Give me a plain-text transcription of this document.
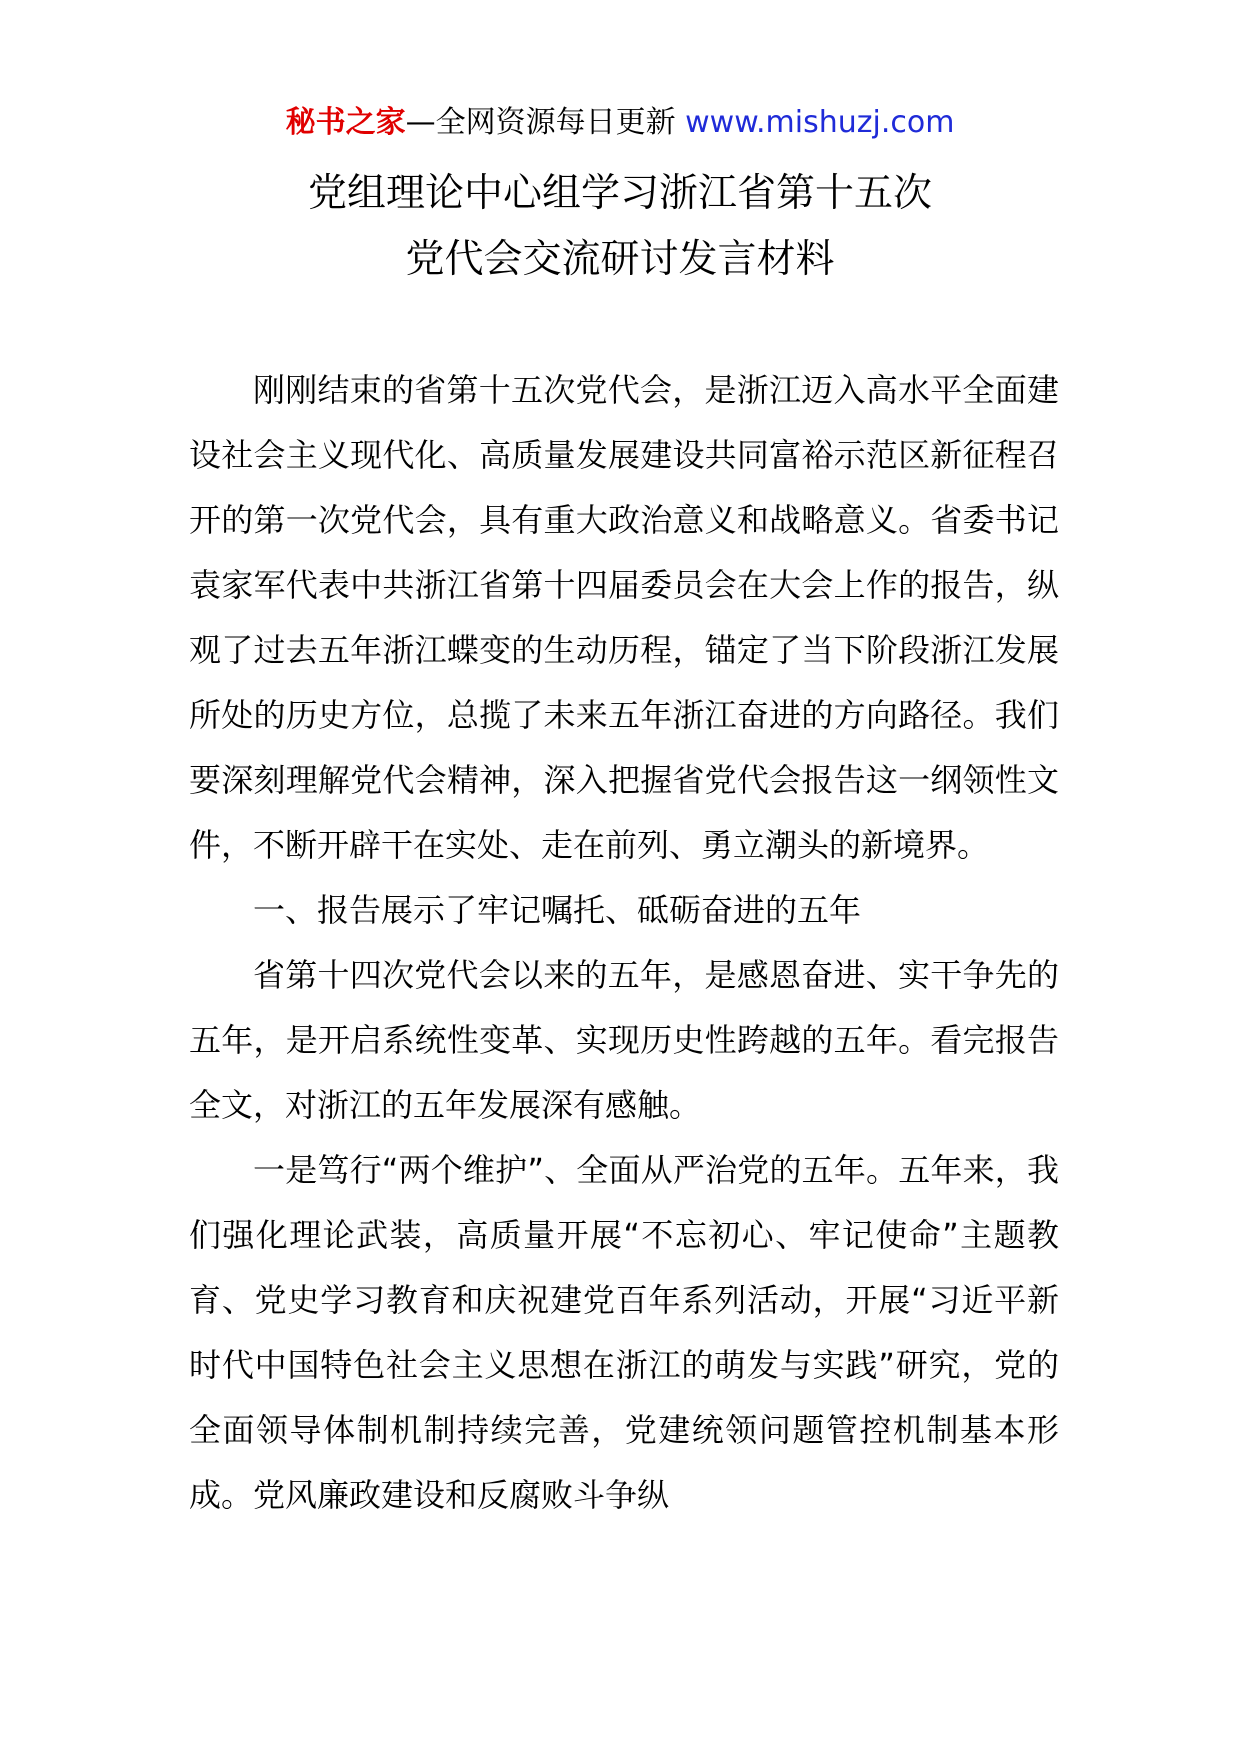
秘书之家—全网资源每日更新 www.mishuzj.com
党组理论中心组学习浙江省第十五次
党代会交流研讨发言材料

刚刚结束的省第十五次党代会，是浙江迈入高水平全面建设社会主义现代化、高质量发展建设共同富裕示范区新征程召开的第一次党代会，具有重大政治意义和战略意义。省委书记袁家军代表中共浙江省第十四届委员会在大会上作的报告，纵观了过去五年浙江蝶变的生动历程，锚定了当下阶段浙江发展所处的历史方位，总揽了未来五年浙江奋进的方向路径。我们要深刻理解党代会精神，深入把握省党代会报告这一纲领性文件，不断开辟干在实处、走在前列、勇立潮头的新境界。

一、报告展示了牢记嘱托、砥砺奋进的五年

省第十四次党代会以来的五年，是感恩奋进、实干争先的五年，是开启系统性变革、实现历史性跨越的五年。看完报告全文，对浙江的五年发展深有感触。

一是笃行“两个维护”、全面从严治党的五年。五年来，我们强化理论武装，高质量开展“不忘初心、牢记使命”主题教育、党史学习教育和庆祝建党百年系列活动，开展“习近平新时代中国特色社会主义思想在浙江的萌发与实践”研究，党的全面领导体制机制持续完善，党建统领问题管控机制基本形成。党风廉政建设和反腐败斗争纵
